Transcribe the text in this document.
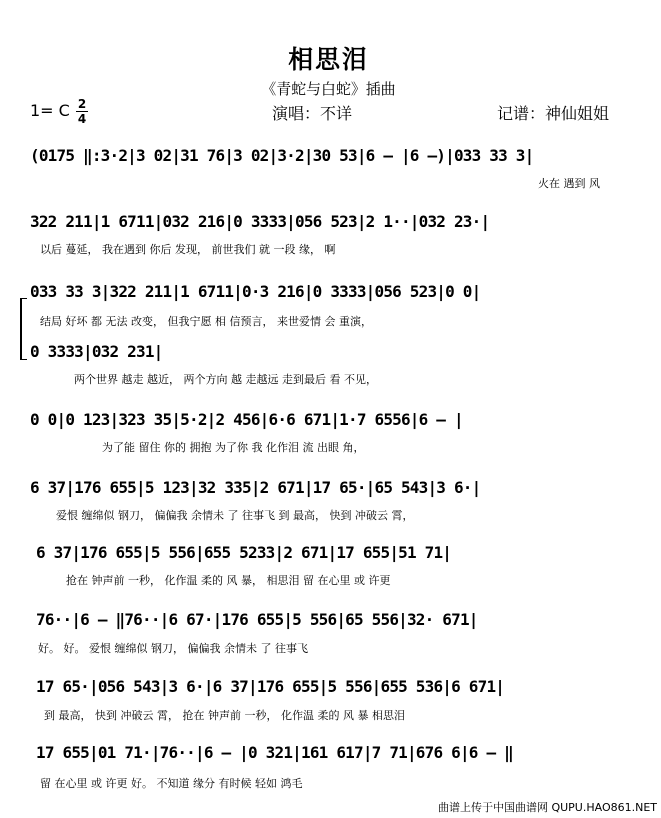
相思泪
《青蛇与白蛇》插曲
1= C 2
4	演唱：不详	记谱：神仙姐姐
(0175 ‖:3·2|3 02|31 76|3 02|3·2|30 53|6 – |6 –)|033 33 3|
火在 遇到 风
322 211|1 6711|032 216|0 3333|056 523|2 1··|032 23·|
以后 蔓延， 我在遇到 你后 发现， 前世我们 就 一段 缘， 啊
033 33 3|322 211|1 6711|0·3 216|0 3333|056 523|0 0|
结局 好坏 都 无法 改变， 但我宁愿 相 信预言， 来世爱情 会 重演，
0 3333|032 231|
两个世界 越走 越近， 两个方向 越 走越远 走到最后 看 不见，
0 0|0 123|323 35|5·2|2 456|6·6 671|1·7 6556|6 – |
为了能 留住 你的 拥抱 为了你 我 化作泪 流 出眼 角，
6 37|176 655|5 123|32 335|2 671|17 65·|65 543|3 6·|
爱恨 缠绵似 钢刀， 偏偏我 余情未 了 往事飞 到 最高， 快到 冲破云 霄，
6 37|176 655|5 556|655 5233|2 671|17 655|51 71|
抢在 钟声前 一秒， 化作温 柔的 风 暴， 相思泪 留 在心里 或 许更
76··|6 – ‖76··|6 67·|176 655|5 556|65 556|32· 671|
好。 好。 爱恨 缠绵似 钢刀， 偏偏我 余情未 了 往事飞
17 65·|056 543|3 6·|6 37|176 655|5 556|655 536|6 671|
到 最高， 快到 冲破云 霄， 抢在 钟声前 一秒， 化作温 柔的 风 暴 相思泪
17 655|01 71·|76··|6 – |0 321|161 617|7 71|676 6|6 – ‖
留 在心里 或 许更 好。 不知道 缘分 有时候 轻如 鸿毛
曲谱上传于中国曲谱网 QUPU.HAO861.NET
